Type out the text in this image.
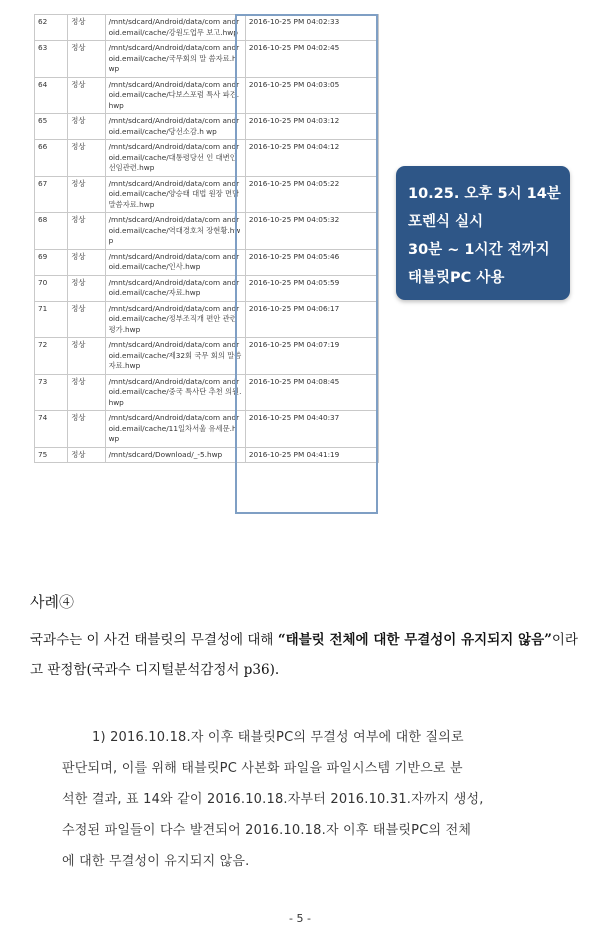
62	정상	/mnt/sdcard/Android/data/com android.email/cache/강원도업무 보고.hwp	2016-10-25 PM 04:02:33
63	정상	/mnt/sdcard/Android/data/com android.email/cache/국무회의 말 씀자료.hwp	2016-10-25 PM 04:02:45
64	정상	/mnt/sdcard/Android/data/com android.email/cache/다보스포럼 특사 파견.hwp	2016-10-25 PM 04:03:05
65	정상	/mnt/sdcard/Android/data/com android.email/cache/당선소감.h wp	2016-10-25 PM 04:03:12
66	정상	/mnt/sdcard/Android/data/com android.email/cache/대통령당선 인 대변인 선임관련.hwp	2016-10-25 PM 04:04:12
67	정상	/mnt/sdcard/Android/data/com android.email/cache/양승태 대법 원장 면담 말씀자료.hwp	2016-10-25 PM 04:05:22
68	정상	/mnt/sdcard/Android/data/com android.email/cache/역대경호처 장현황.hwp	2016-10-25 PM 04:05:32
69	정상	/mnt/sdcard/Android/data/com android.email/cache/인사.hwp	2016-10-25 PM 04:05:46
70	정상	/mnt/sdcard/Android/data/com android.email/cache/자료.hwp	2016-10-25 PM 04:05:59
71	정상	/mnt/sdcard/Android/data/com android.email/cache/정부조직개 편안 관련 평가.hwp	2016-10-25 PM 04:06:17
72	정상	/mnt/sdcard/Android/data/com android.email/cache/제32회 국무 회의 말씀자료.hwp	2016-10-25 PM 04:07:19
73	정상	/mnt/sdcard/Android/data/com android.email/cache/중국 특사단 추천 의원.hwp	2016-10-25 PM 04:08:45
74	정상	/mnt/sdcard/Android/data/com android.email/cache/11일차서울 유세문.hwp	2016-10-25 PM 04:40:37
75	정상	/mnt/sdcard/Download/_-5.hwp	2016-10-25 PM 04:41:19
10.25. 오후 5시 14분
포렌식 실시
30분 ~ 1시간 전까지
태블릿PC 사용
사례④
국과수는 이 사건 태블릿의 무결성에 대해 “태블릿 전체에 대한 무결성이 유지되지 않음”이라고 판정함(국과수 디지털분석감정서 p36).
1) 2016.10.18.자 이후 태블릿PC의 무결성 여부에 대한 질의로
판단되며, 이를 위해 태블릿PC 사본화 파일을 파일시스템 기반으로 분
석한 결과, 표 14와 같이 2016.10.18.자부터 2016.10.31.자까지 생성,
수정된 파일들이 다수 발견되어 2016.10.18.자 이후 태블릿PC의 전체
에 대한 무결성이 유지되지 않음.
- 5 -
